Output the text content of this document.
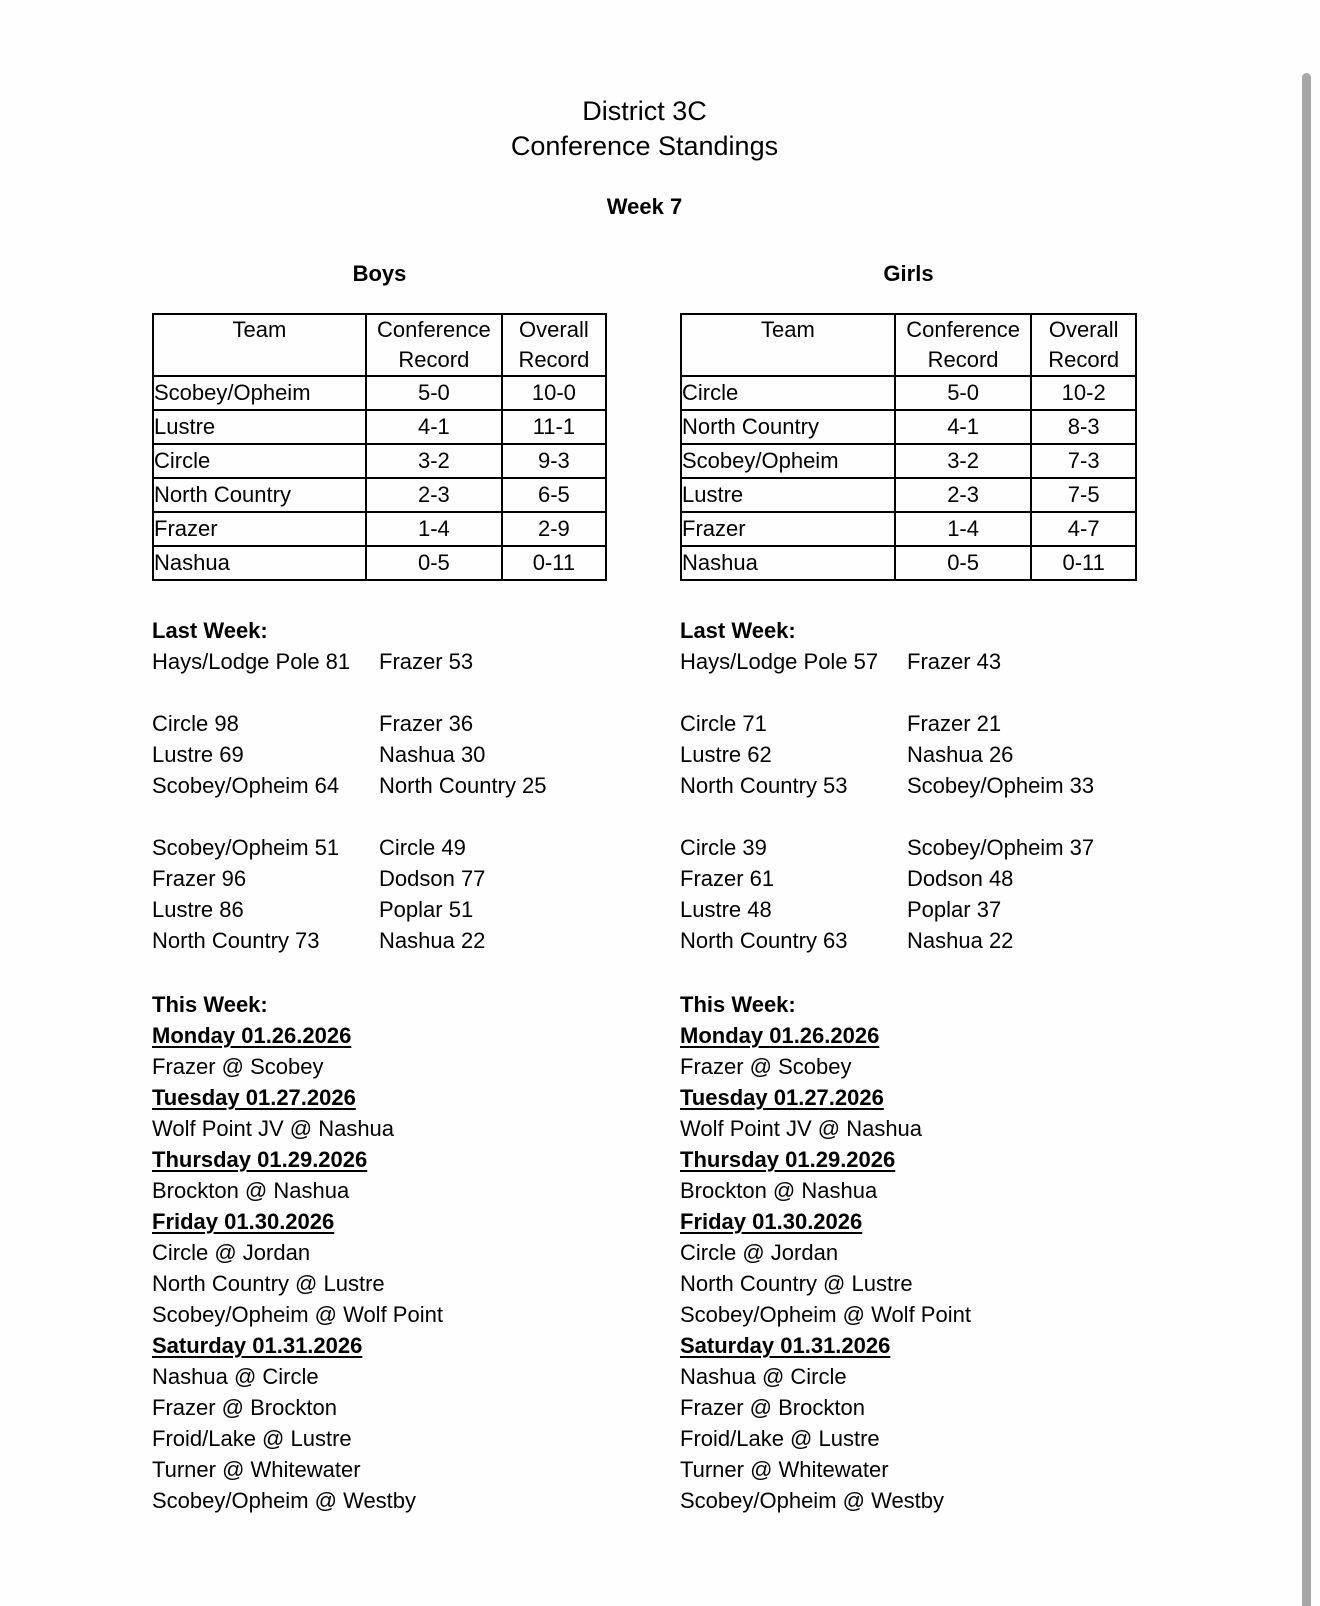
District 3C
Conference Standings
Week 7
Boys
Team	Conference Record	Overall Record
Scobey/Opheim	5-0	10-0
Lustre	4-1	11-1
Circle	3-2	9-3
North Country	2-3	6-5
Frazer	1-4	2-9
Nashua	0-5	0-11
Last Week:
Hays/Lodge Pole 81	Frazer 53
Circle 98	Frazer 36
Lustre 69	Nashua 30
Scobey/Opheim 64	North Country 25
Scobey/Opheim 51	Circle 49
Frazer 96	Dodson 77
Lustre 86	Poplar 51
North Country 73	Nashua 22
This Week:
Monday 01.26.2026
Frazer @ Scobey
Tuesday 01.27.2026
Wolf Point JV @ Nashua
Thursday 01.29.2026
Brockton @ Nashua
Friday 01.30.2026
Circle @ Jordan
North Country @ Lustre
Scobey/Opheim @ Wolf Point
Saturday 01.31.2026
Nashua @ Circle
Frazer @ Brockton
Froid/Lake @ Lustre
Turner @ Whitewater
Scobey/Opheim @ Westby
Girls
Team	Conference Record	Overall Record
Circle	5-0	10-2
North Country	4-1	8-3
Scobey/Opheim	3-2	7-3
Lustre	2-3	7-5
Frazer	1-4	4-7
Nashua	0-5	0-11
Last Week:
Hays/Lodge Pole 57	Frazer 43
Circle 71	Frazer 21
Lustre 62	Nashua 26
North Country 53	Scobey/Opheim 33
Circle 39	Scobey/Opheim 37
Frazer 61	Dodson 48
Lustre 48	Poplar 37
North Country 63	Nashua 22
This Week:
Monday 01.26.2026
Frazer @ Scobey
Tuesday 01.27.2026
Wolf Point JV @ Nashua
Thursday 01.29.2026
Brockton @ Nashua
Friday 01.30.2026
Circle @ Jordan
North Country @ Lustre
Scobey/Opheim @ Wolf Point
Saturday 01.31.2026
Nashua @ Circle
Frazer @ Brockton
Froid/Lake @ Lustre
Turner @ Whitewater
Scobey/Opheim @ Westby
